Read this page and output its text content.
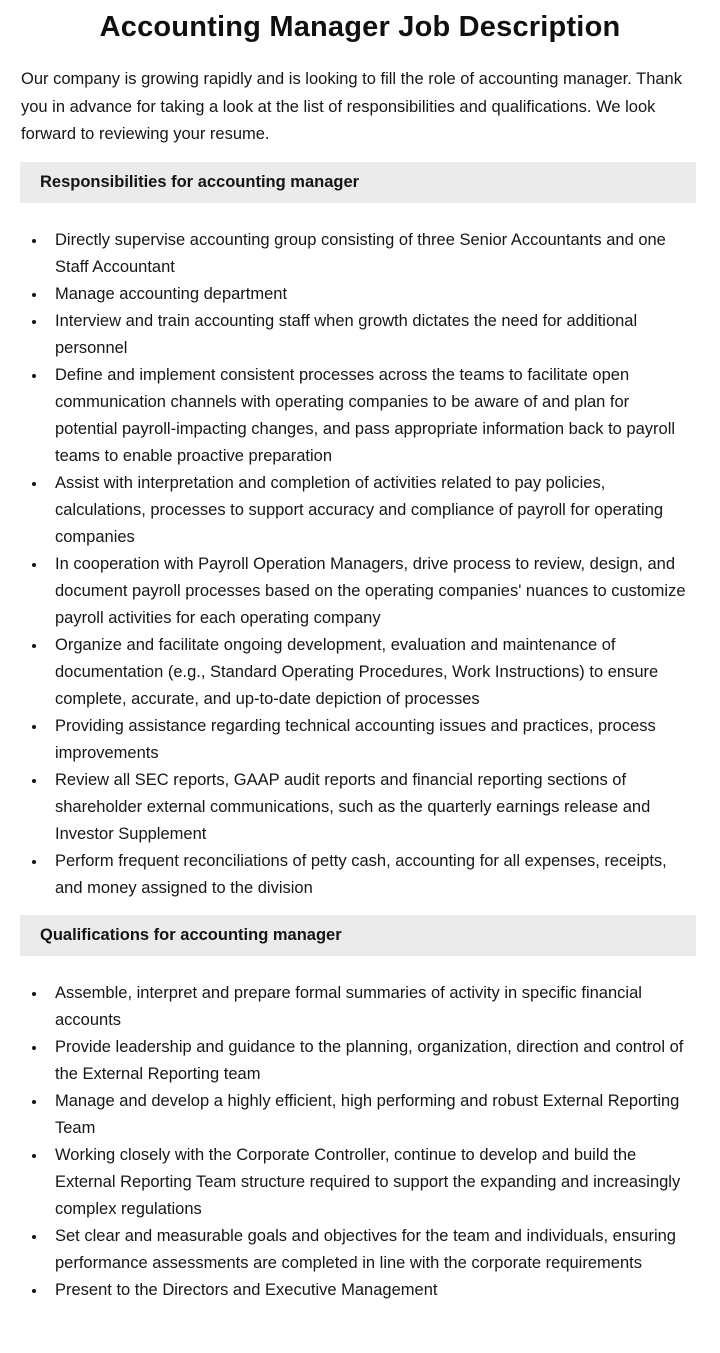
Accounting Manager Job Description

Our company is growing rapidly and is looking to fill the role of accounting manager. Thank you in advance for taking a look at the list of responsibilities and qualifications. We look forward to reviewing your resume.

Responsibilities for accounting manager
• Directly supervise accounting group consisting of three Senior Accountants and one Staff Accountant
• Manage accounting department
• Interview and train accounting staff when growth dictates the need for additional personnel
• Define and implement consistent processes across the teams to facilitate open communication channels with operating companies to be aware of and plan for potential payroll-impacting changes, and pass appropriate information back to payroll teams to enable proactive preparation
• Assist with interpretation and completion of activities related to pay policies, calculations, processes to support accuracy and compliance of payroll for operating companies
• In cooperation with Payroll Operation Managers, drive process to review, design, and document payroll processes based on the operating companies' nuances to customize payroll activities for each operating company
• Organize and facilitate ongoing development, evaluation and maintenance of documentation (e.g., Standard Operating Procedures, Work Instructions) to ensure complete, accurate, and up-to-date depiction of processes
• Providing assistance regarding technical accounting issues and practices, process improvements
• Review all SEC reports, GAAP audit reports and financial reporting sections of shareholder external communications, such as the quarterly earnings release and Investor Supplement
• Perform frequent reconciliations of petty cash, accounting for all expenses, receipts, and money assigned to the division
Qualifications for accounting manager
• Assemble, interpret and prepare formal summaries of activity in specific financial accounts
• Provide leadership and guidance to the planning, organization, direction and control of the External Reporting team
• Manage and develop a highly efficient, high performing and robust External Reporting Team
• Working closely with the Corporate Controller, continue to develop and build the External Reporting Team structure required to support the expanding and increasingly complex regulations
• Set clear and measurable goals and objectives for the team and individuals, ensuring performance assessments are completed in line with the corporate requirements
• Present to the Directors and Executive Management
